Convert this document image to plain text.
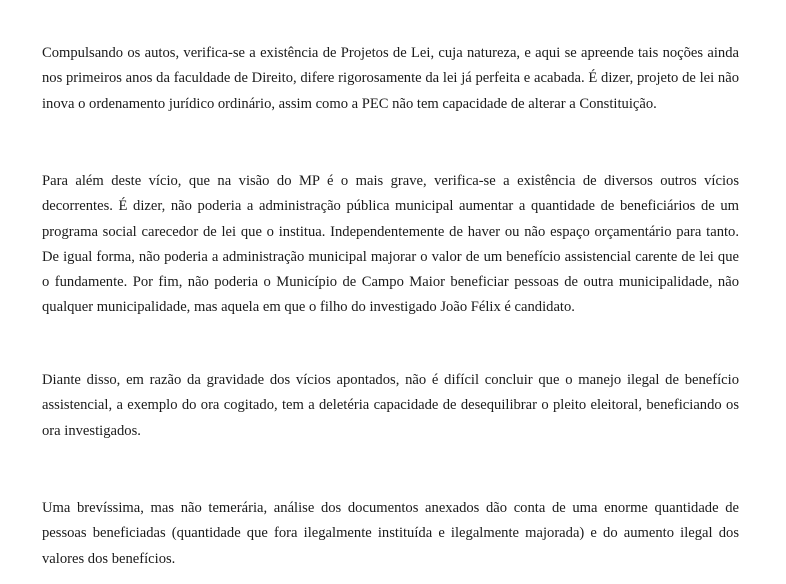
Compulsando os autos, verifica-se a existência de Projetos de Lei, cuja natureza, e aqui se apreende tais noções ainda nos primeiros anos da faculdade de Direito, difere rigorosamente da lei já perfeita e acabada. É dizer, projeto de lei não inova o ordenamento jurídico ordinário, assim como a PEC não tem capacidade de alterar a Constituição.

Para além deste vício, que na visão do MP é o mais grave, verifica-se a existência de diversos outros vícios decorrentes. É dizer, não poderia a administração pública municipal aumentar a quantidade de beneficiários de um programa social carecedor de lei que o institua. Independentemente de haver ou não espaço orçamentário para tanto. De igual forma, não poderia a administração municipal majorar o valor de um benefício assistencial carente de lei que o fundamente. Por fim, não poderia o Município de Campo Maior beneficiar pessoas de outra municipalidade, não qualquer municipalidade, mas aquela em que o filho do investigado João Félix é candidato.

Diante disso, em razão da gravidade dos vícios apontados, não é difícil concluir que o manejo ilegal de benefício assistencial, a exemplo do ora cogitado, tem a deletéria capacidade de desequilibrar o pleito eleitoral, beneficiando os ora investigados.

Uma brevíssima, mas não temerária, análise dos documentos anexados dão conta de uma enorme quantidade de pessoas beneficiadas (quantidade que fora ilegalmente instituída e ilegalmente majorada) e do aumento ilegal dos valores dos benefícios.
